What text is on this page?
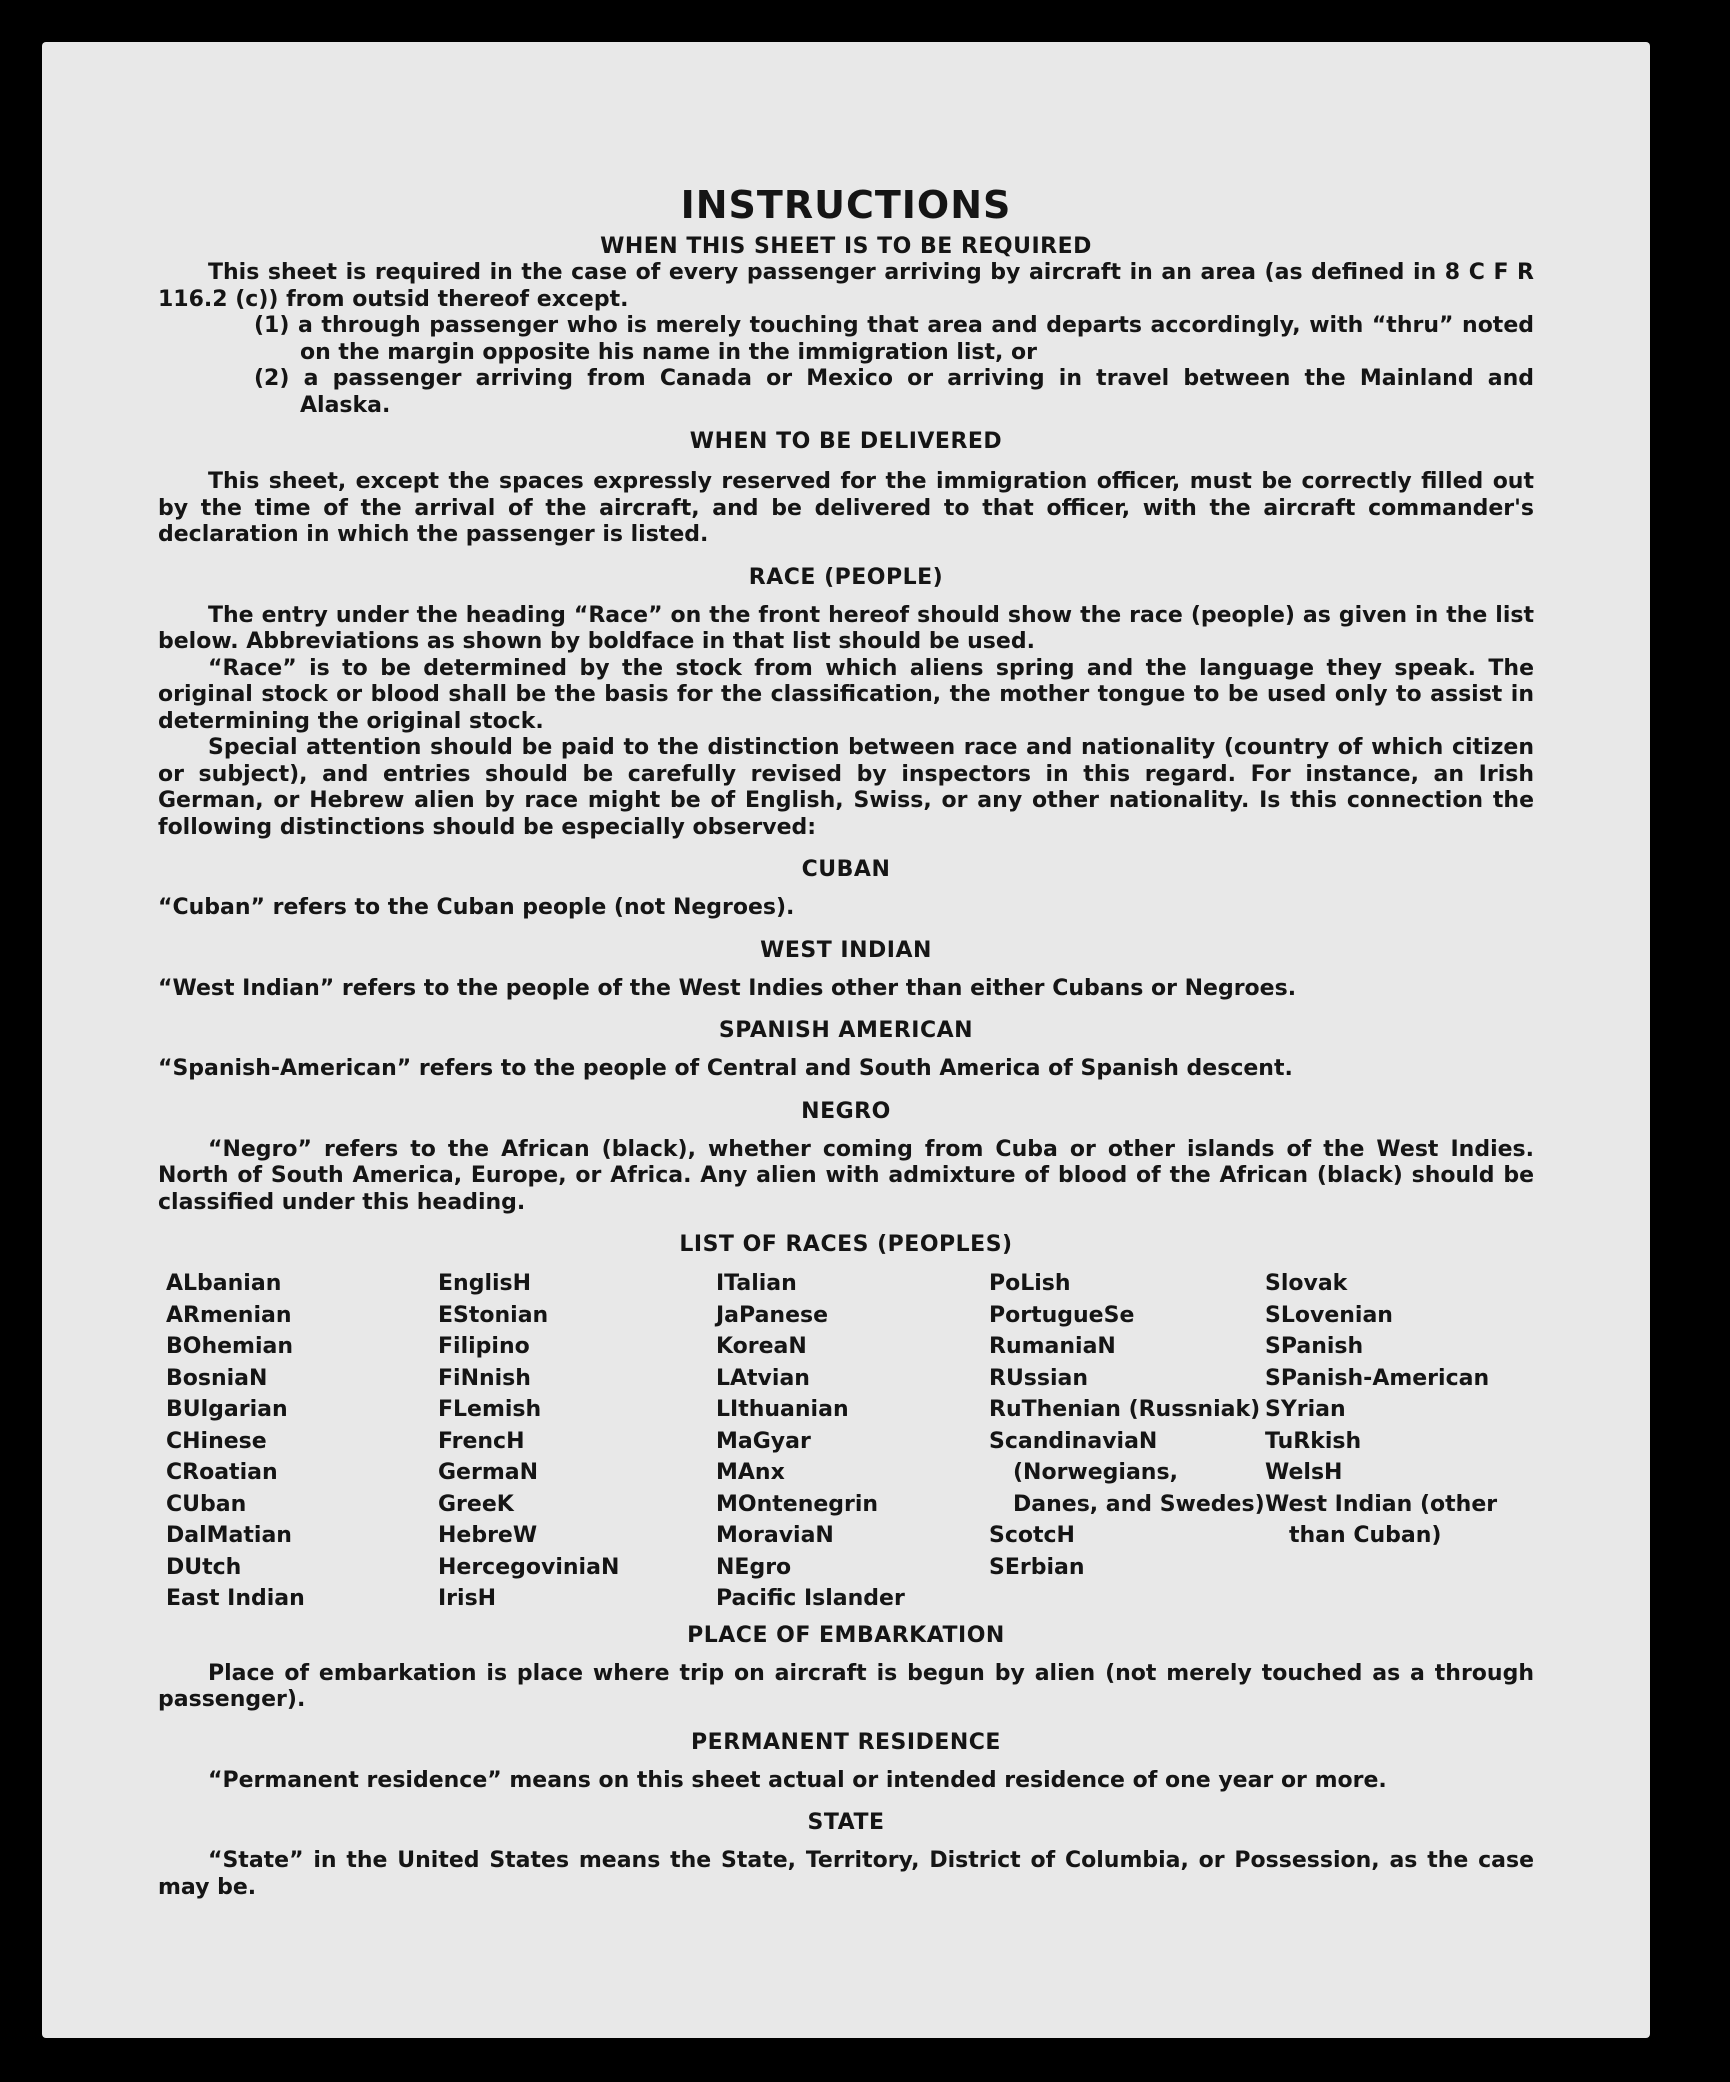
INSTRUCTIONS
WHEN THIS SHEET IS TO BE REQUIRED

This sheet is required in the case of every passenger arriving by aircraft in an area (as defined in 8 C F R 116.2 (c)) from outsid thereof except.

(1) a through passenger who is merely touching that area and departs accordingly, with “thru” noted on the margin opposite his name in the immigration list, or
(2) a passenger arriving from Canada or Mexico or arriving in travel between the Mainland and Alaska.
WHEN TO BE DELIVERED

This sheet, except the spaces expressly reserved for the immigration officer, must be correctly filled out by the time of the arrival of the aircraft, and be delivered to that officer, with the aircraft commander's declaration in which the passenger is listed.

RACE (PEOPLE)

The entry under the heading “Race” on the front hereof should show the race (people) as given in the list below. Abbreviations as shown by boldface in that list should be used.

“Race” is to be determined by the stock from which aliens spring and the language they speak. The original stock or blood shall be the basis for the classification, the mother tongue to be used only to assist in determining the original stock.

Special attention should be paid to the distinction between race and nationality (country of which citizen or subject), and entries should be carefully revised by inspectors in this regard. For instance, an Irish German, or Hebrew alien by race might be of English, Swiss, or any other nationality. Is this connection the following distinctions should be especially observed:

CUBAN

“Cuban” refers to the Cuban people (not Negroes).

WEST INDIAN

“West Indian” refers to the people of the West Indies other than either Cubans or Negroes.

SPANISH AMERICAN

“Spanish-American” refers to the people of Central and South America of Spanish descent.

NEGRO

“Negro” refers to the African (black), whether coming from Cuba or other islands of the West Indies. North of South America, Europe, or Africa. Any alien with admixture of blood of the African (black) should be classified under this heading.

LIST OF RACES (PEOPLES)
ALbanian
ARmenian
BOhemian
BosniaN
BUlgarian
CHinese
CRoatian
CUban
DalMatian
DUtch
East Indian
EnglisH
EStonian
Filipino
FiNnish
FLemish
FrencH
GermaN
GreeK
HebreW
HercegoviniaN
IrisH
ITalian
JaPanese
KoreaN
LAtvian
LIthuanian
MaGyar
MAnx
MOntenegrin
MoraviaN
NEgro
Pacific Islander
PoLish
PortugueSe
RumaniaN
RUssian
RuThenian (Russniak)
ScandinaviaN (Norwegians, Danes, and Swedes)
ScotcH
SErbian
Slovak
SLovenian
SPanish
SPanish-American
SYrian
TuRkish
WelsH
West Indian (other than Cuban)
PLACE OF EMBARKATION

Place of embarkation is place where trip on aircraft is begun by alien (not merely touched as a through passenger).

PERMANENT RESIDENCE

“Permanent residence” means on this sheet actual or intended residence of one year or more.

STATE

“State” in the United States means the State, Territory, District of Columbia, or Possession, as the case may be.
